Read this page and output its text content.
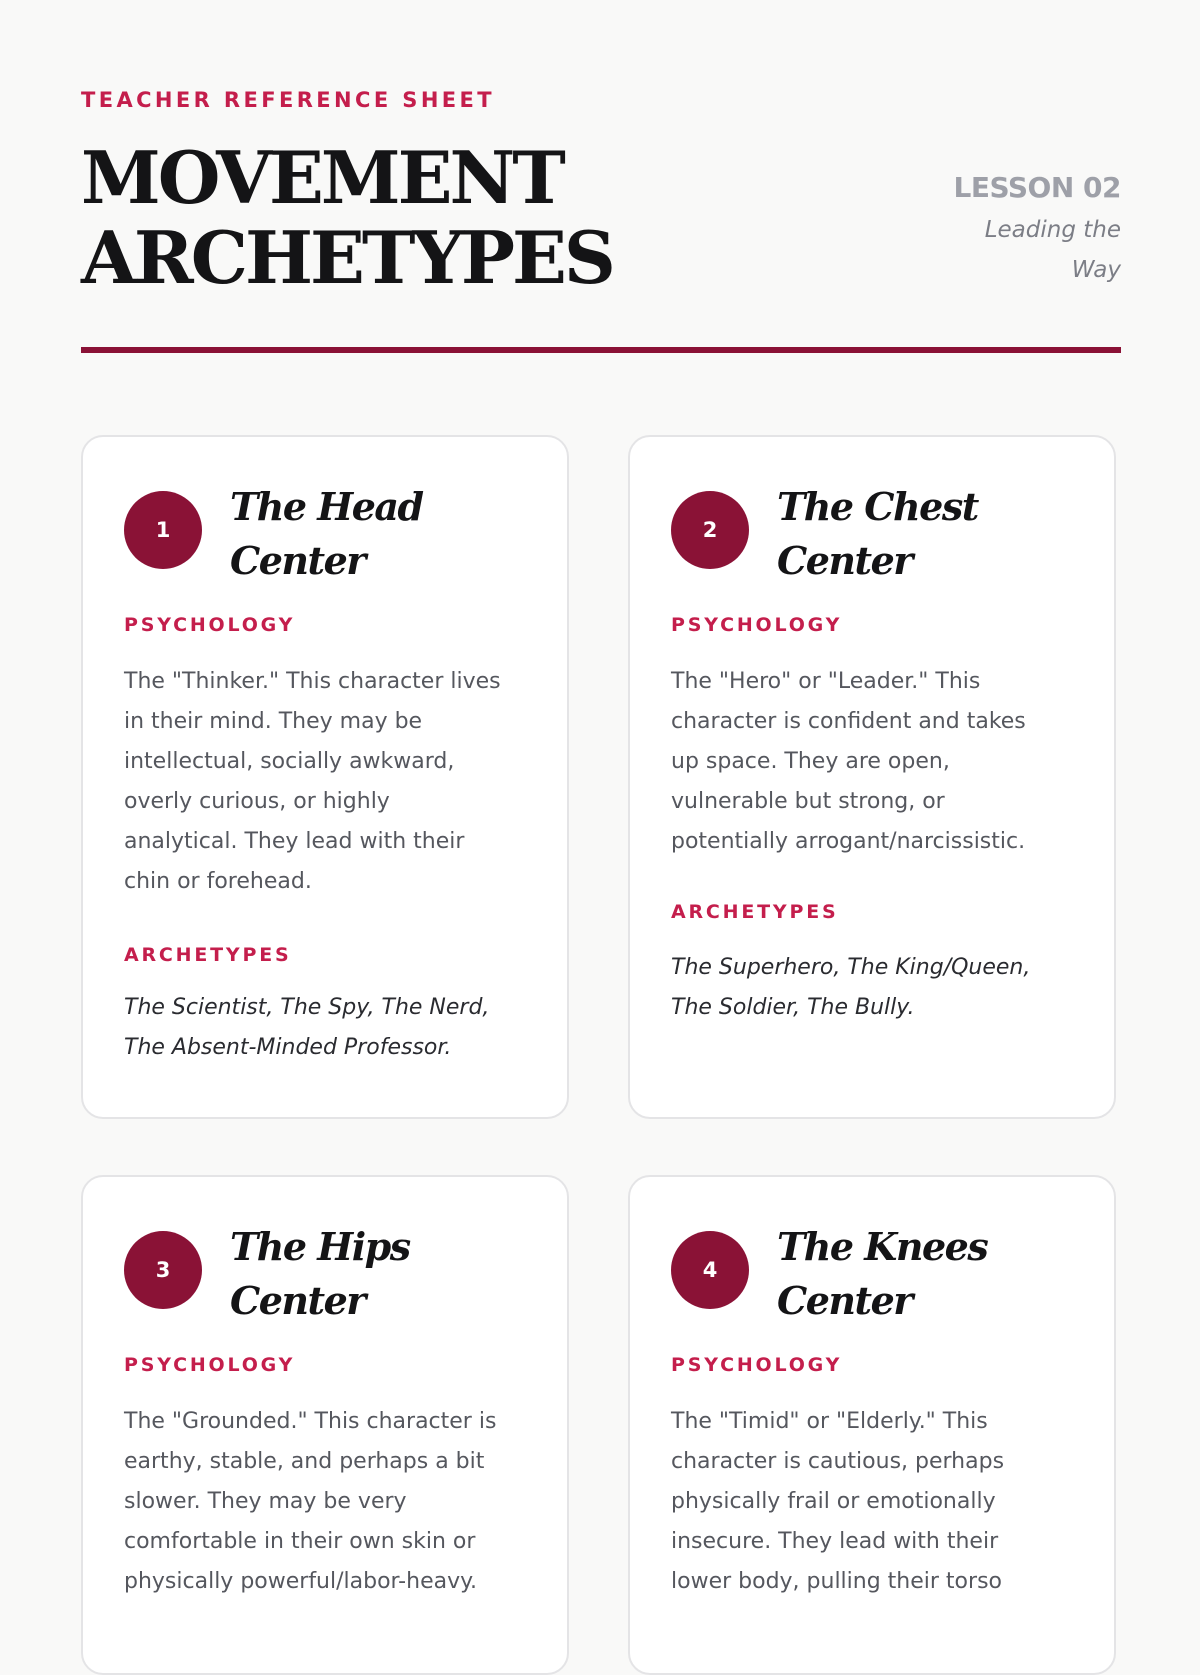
TEACHER REFERENCE SHEET
MOVEMENT
ARCHETYPES
LESSON 02
Leading the
Way
1
The Head
Center
PSYCHOLOGY
The "Thinker." This character lives
in their mind. They may be
intellectual, socially awkward,
overly curious, or highly
analytical. They lead with their
chin or forehead.
ARCHETYPES
The Scientist, The Spy, The Nerd,
The Absent-Minded Professor.
2
The Chest
Center
PSYCHOLOGY
The "Hero" or "Leader." This
character is confident and takes
up space. They are open,
vulnerable but strong, or
potentially arrogant/narcissistic.
ARCHETYPES
The Superhero, The King/Queen,
The Soldier, The Bully.
3
The Hips
Center
PSYCHOLOGY
The "Grounded." This character is
earthy, stable, and perhaps a bit
slower. They may be very
comfortable in their own skin or
physically powerful/labor-heavy.
4
The Knees
Center
PSYCHOLOGY
The "Timid" or "Elderly." This
character is cautious, perhaps
physically frail or emotionally
insecure. They lead with their
lower body, pulling their torso
